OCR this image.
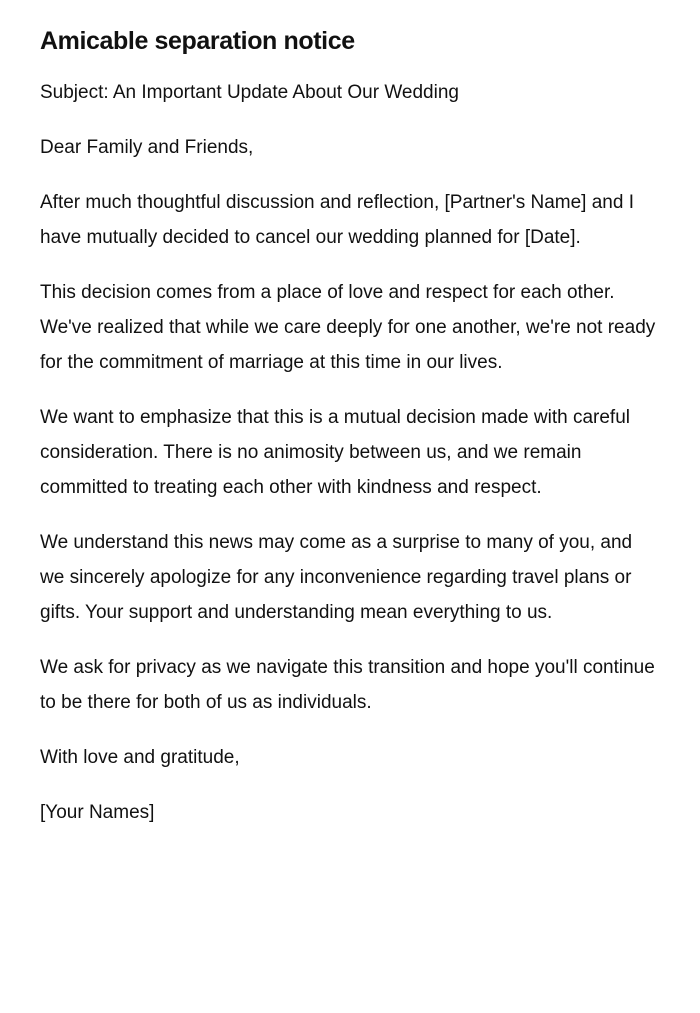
Amicable separation notice

Subject: An Important Update About Our Wedding

Dear Family and Friends,

After much thoughtful discussion and reflection, [Partner's Name] and I have mutually decided to cancel our wedding planned for [Date].

This decision comes from a place of love and respect for each other. We've realized that while we care deeply for one another, we're not ready for the commitment of marriage at this time in our lives.

We want to emphasize that this is a mutual decision made with careful consideration. There is no animosity between us, and we remain committed to treating each other with kindness and respect.

We understand this news may come as a surprise to many of you, and we sincerely apologize for any inconvenience regarding travel plans or gifts. Your support and understanding mean everything to us.

We ask for privacy as we navigate this transition and hope you'll continue to be there for both of us as individuals.

With love and gratitude,

[Your Names]
